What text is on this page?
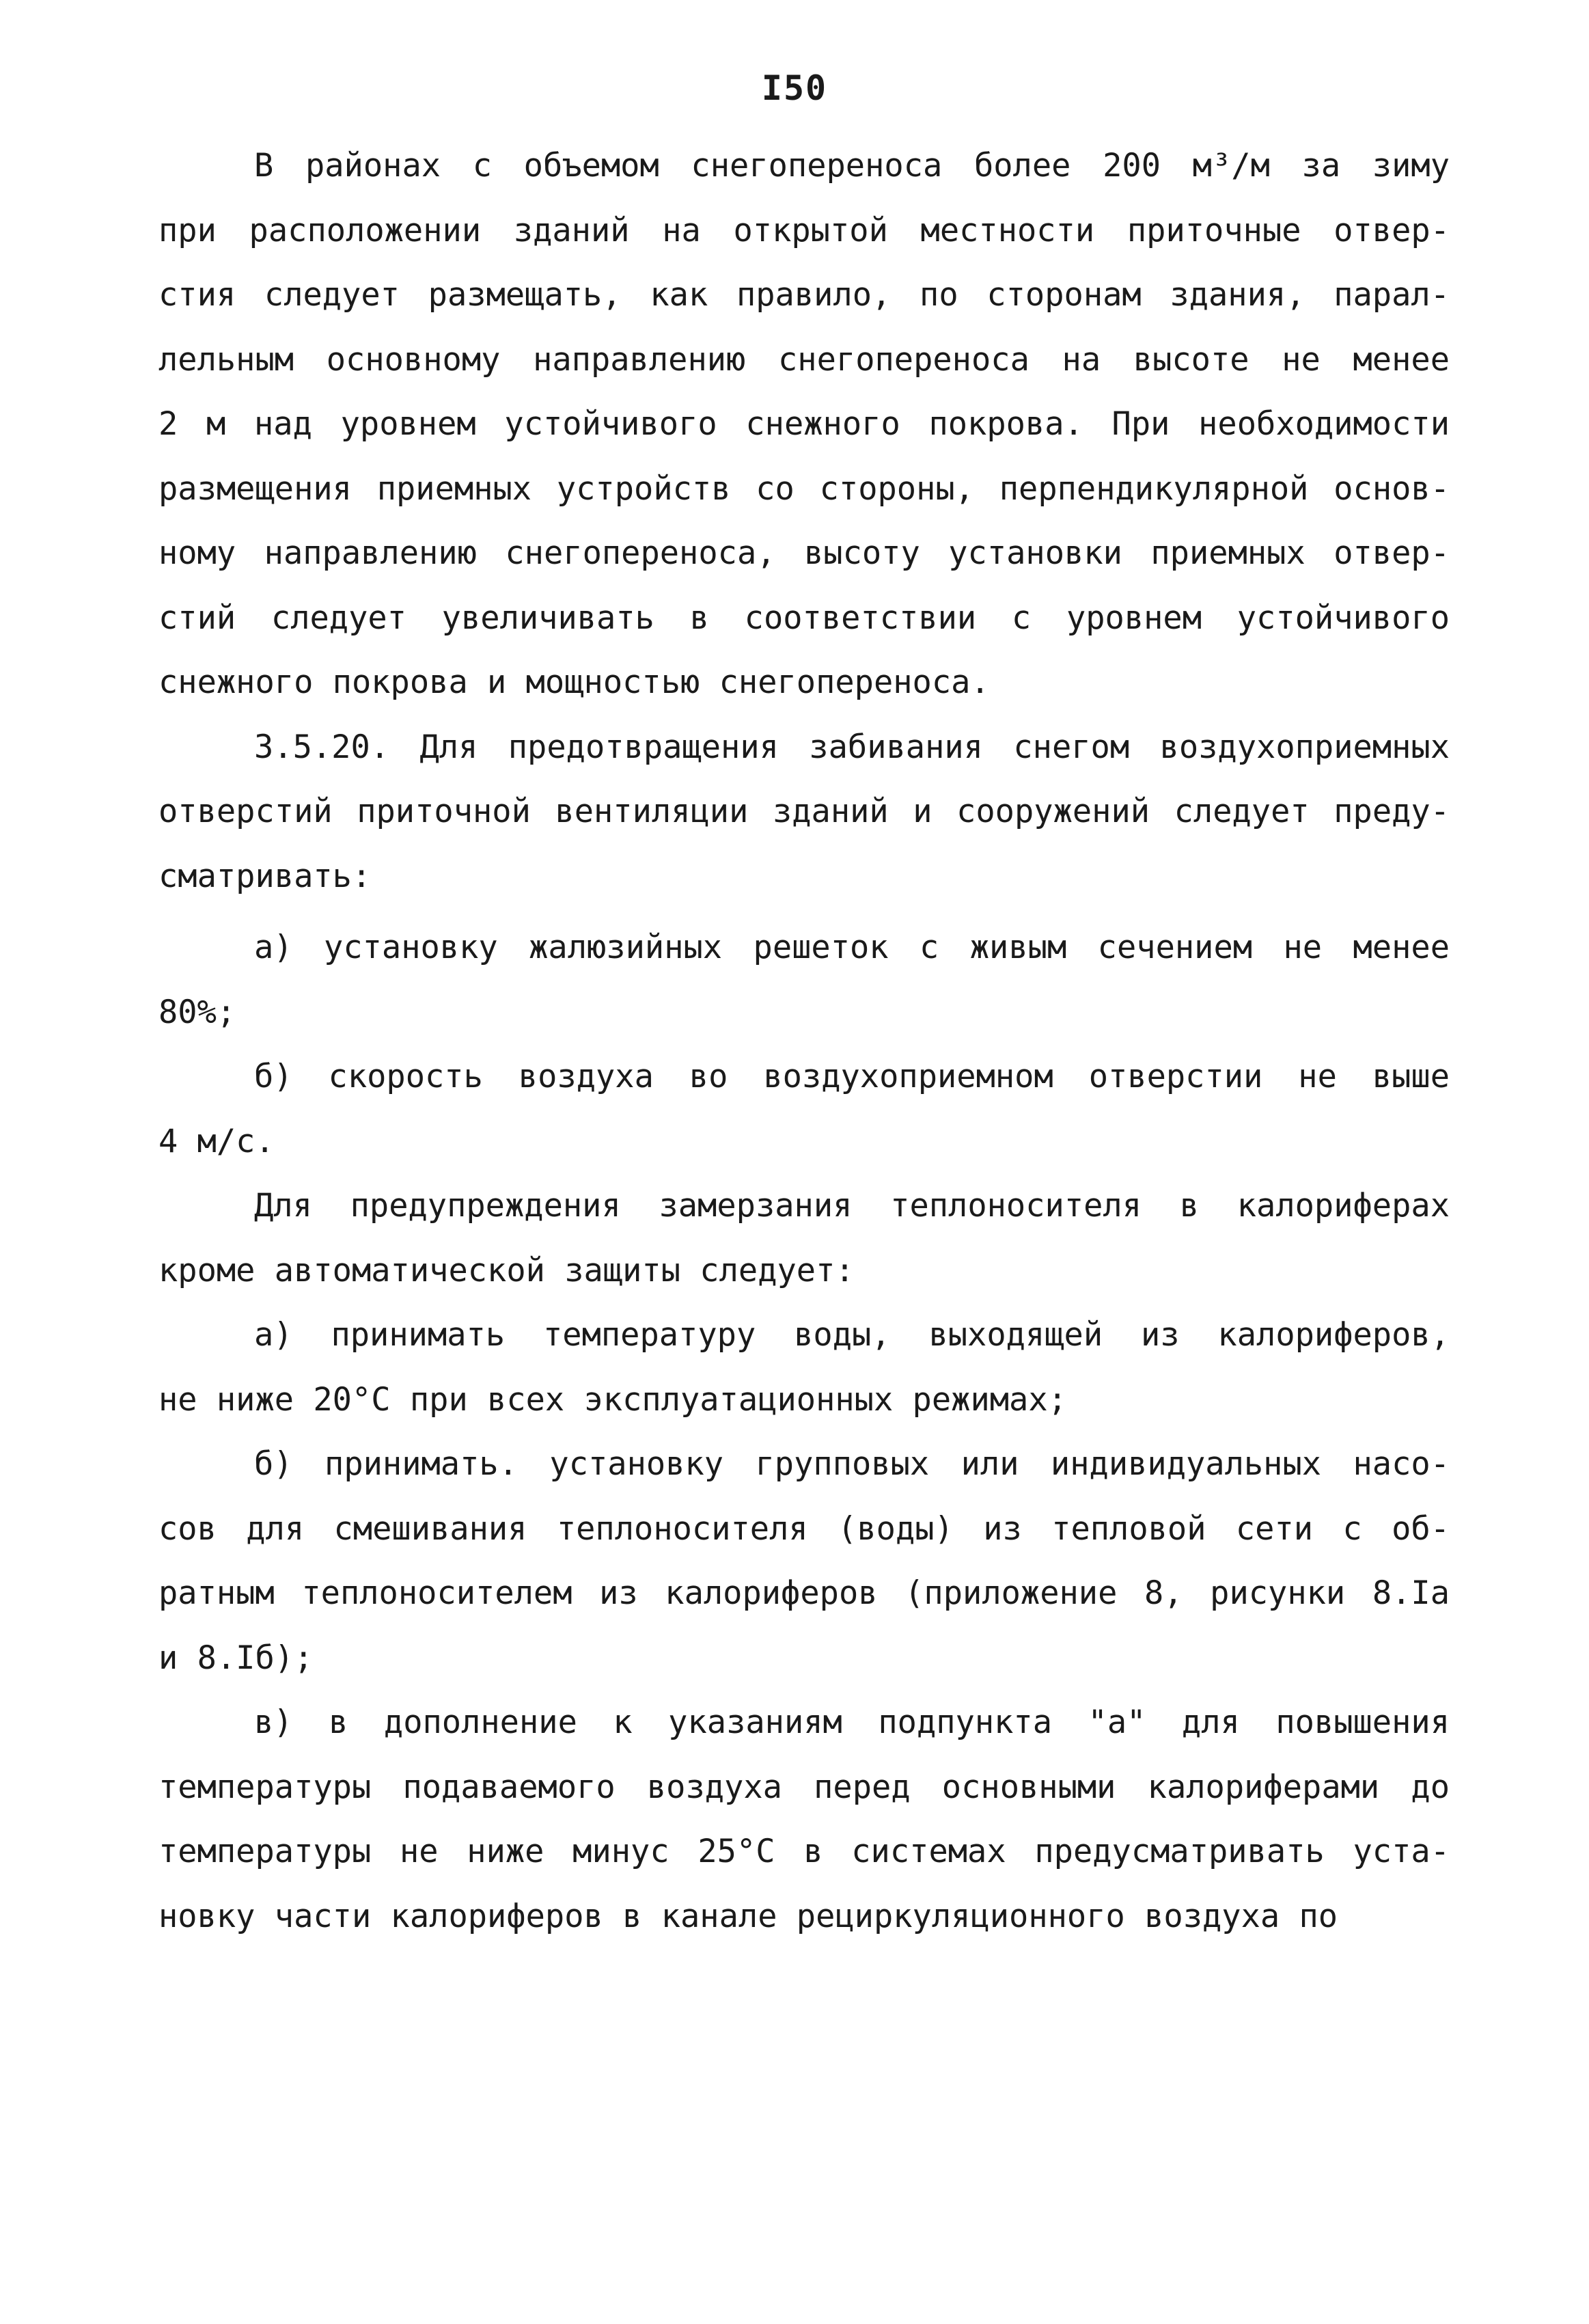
I50
В районах с объемом снегопереноса более 200 м³/м за зиму
при расположении зданий на открытой местности приточные отвер-
стия следует размещать, как правило, по сторонам здания, парал-
лельным основному направлению снегопереноса на высоте не менее
2 м над уровнем устойчивого снежного покрова. При необходимости
размещения приемных устройств со стороны, перпендикулярной основ-
ному направлению снегопереноса, высоту установки приемных отвер-
стий следует увеличивать в соответствии с уровнем устойчивого
снежного покрова и мощностью снегопереноса.
3.5.20. Для предотвращения забивания снегом воздухоприемных
отверстий приточной вентиляции зданий и сооружений следует преду-
сматривать:
а) установку жалюзийных решеток с живым сечением не менее
80%;
б) скорость воздуха во воздухоприемном отверстии не выше
4 м/с.
Для предупреждения замерзания теплоносителя в калориферах
кроме автоматической защиты следует:
а) принимать температуру воды, выходящей из калориферов,
не ниже 20°С при всех эксплуатационных режимах;
б) принимать. установку групповых или индивидуальных насо-
сов для смешивания теплоносителя (воды) из тепловой сети с об-
ратным теплоносителем из калориферов (приложение 8, рисунки 8.Iа
и 8.Iб);
в) в дополнение к указаниям подпункта "а" для повышения
температуры подаваемого воздуха перед основными калориферами до
температуры не ниже минус 25°С в системах предусматривать уста-
новку части калориферов в канале рециркуляционного воздуха по
